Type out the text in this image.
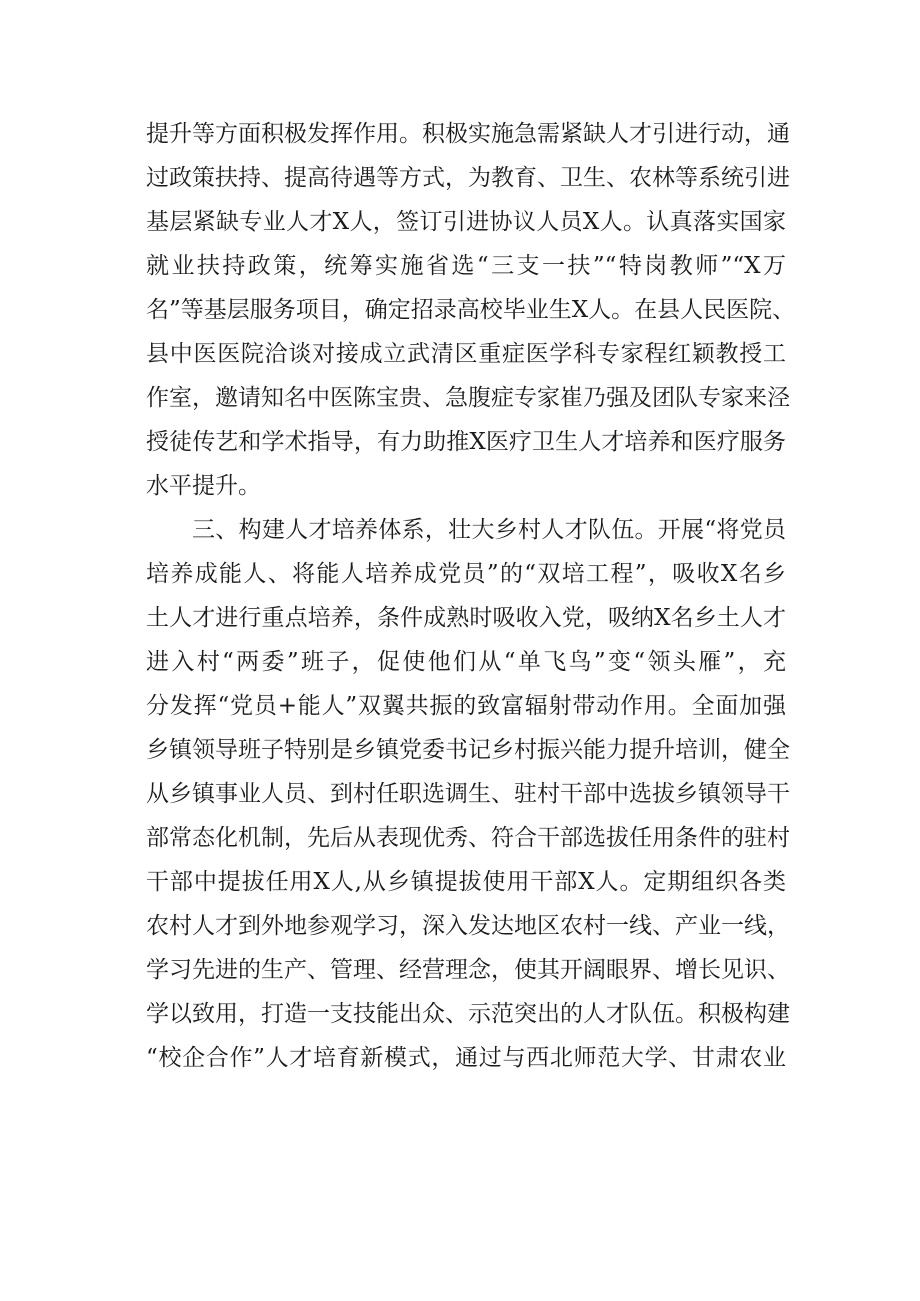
提升等方面积极发挥作用。积极实施急需紧缺人才引进行动，通
过政策扶持、提高待遇等方式，为教育、卫生、农林等系统引进
基层紧缺专业人才X人，签订引进协议人员X人。认真落实国家
就业扶持政策，统筹实施省选“三支一扶”“特岗教师”“X万
名”等基层服务项目，确定招录高校毕业生X人。在县人民医院、
县中医医院洽谈对接成立武清区重症医学科专家程红颖教授工
作室，邀请知名中医陈宝贵、急腹症专家崔乃强及团队专家来泾
授徒传艺和学术指导，有力助推X医疗卫生人才培养和医疗服务
水平提升。
三、构建人才培养体系，壮大乡村人才队伍。开展“将党员
培养成能人、将能人培养成党员”的“双培工程”，吸收X名乡
土人才进行重点培养，条件成熟时吸收入党，吸纳X名乡土人才
进入村“两委”班子，促使他们从“单飞鸟”变“领头雁”，充
分发挥“党员+能人”双翼共振的致富辐射带动作用。全面加强
乡镇领导班子特别是乡镇党委书记乡村振兴能力提升培训，健全
从乡镇事业人员、到村任职选调生、驻村干部中选拔乡镇领导干
部常态化机制，先后从表现优秀、符合干部选拔任用条件的驻村
干部中提拔任用X人,从乡镇提拔使用干部X人。定期组织各类
农村人才到外地参观学习，深入发达地区农村一线、产业一线，
学习先进的生产、管理、经营理念，使其开阔眼界、增长见识、
学以致用，打造一支技能出众、示范突出的人才队伍。积极构建
“校企合作”人才培育新模式，通过与西北师范大学、甘肃农业
